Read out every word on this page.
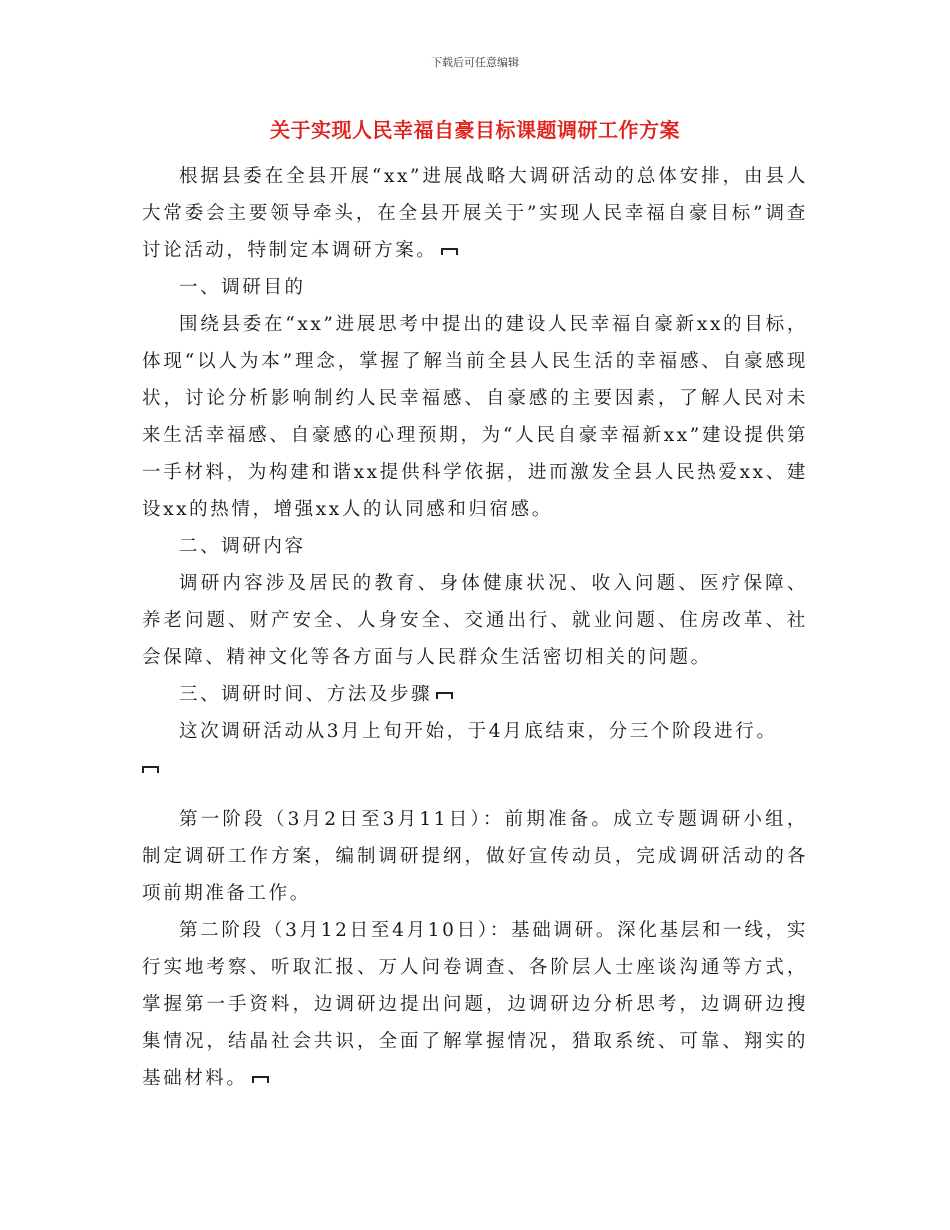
下载后可任意编辑
关于实现人民幸福自豪目标课题调研工作方案

根据县委在全县开展“xx”进展战略大调研活动的总体安排，由县人大常委会主要领导牵头，在全县开展关于”实现人民幸福自豪目标”调查讨论活动，特制定本调研方案。

一、调研目的

围绕县委在“xx”进展思考中提出的建设人民幸福自豪新xx的目标，体现“以人为本”理念，掌握了解当前全县人民生活的幸福感、自豪感现状，讨论分析影响制约人民幸福感、自豪感的主要因素，了解人民对未来生活幸福感、自豪感的心理预期，为“人民自豪幸福新xx”建设提供第一手材料，为构建和谐xx提供科学依据，进而激发全县人民热爱xx、建设xx的热情，增强xx人的认同感和归宿感。

二、调研内容

调研内容涉及居民的教育、身体健康状况、收入问题、医疗保障、养老问题、财产安全、人身安全、交通出行、就业问题、住房改革、社会保障、精神文化等各方面与人民群众生活密切相关的问题。

三、调研时间、方法及步骤

这次调研活动从3月上旬开始，于4月底结束，分三个阶段进行。

第一阶段（3月2日至3月11日）：前期准备。成立专题调研小组，制定调研工作方案，编制调研提纲，做好宣传动员，完成调研活动的各项前期准备工作。

第二阶段（3月12日至4月10日）：基础调研。深化基层和一线，实行实地考察、听取汇报、万人问卷调查、各阶层人士座谈沟通等方式，掌握第一手资料，边调研边提出问题，边调研边分析思考，边调研边搜集情况，结晶社会共识，全面了解掌握情况，猎取系统、可靠、翔实的基础材料。
